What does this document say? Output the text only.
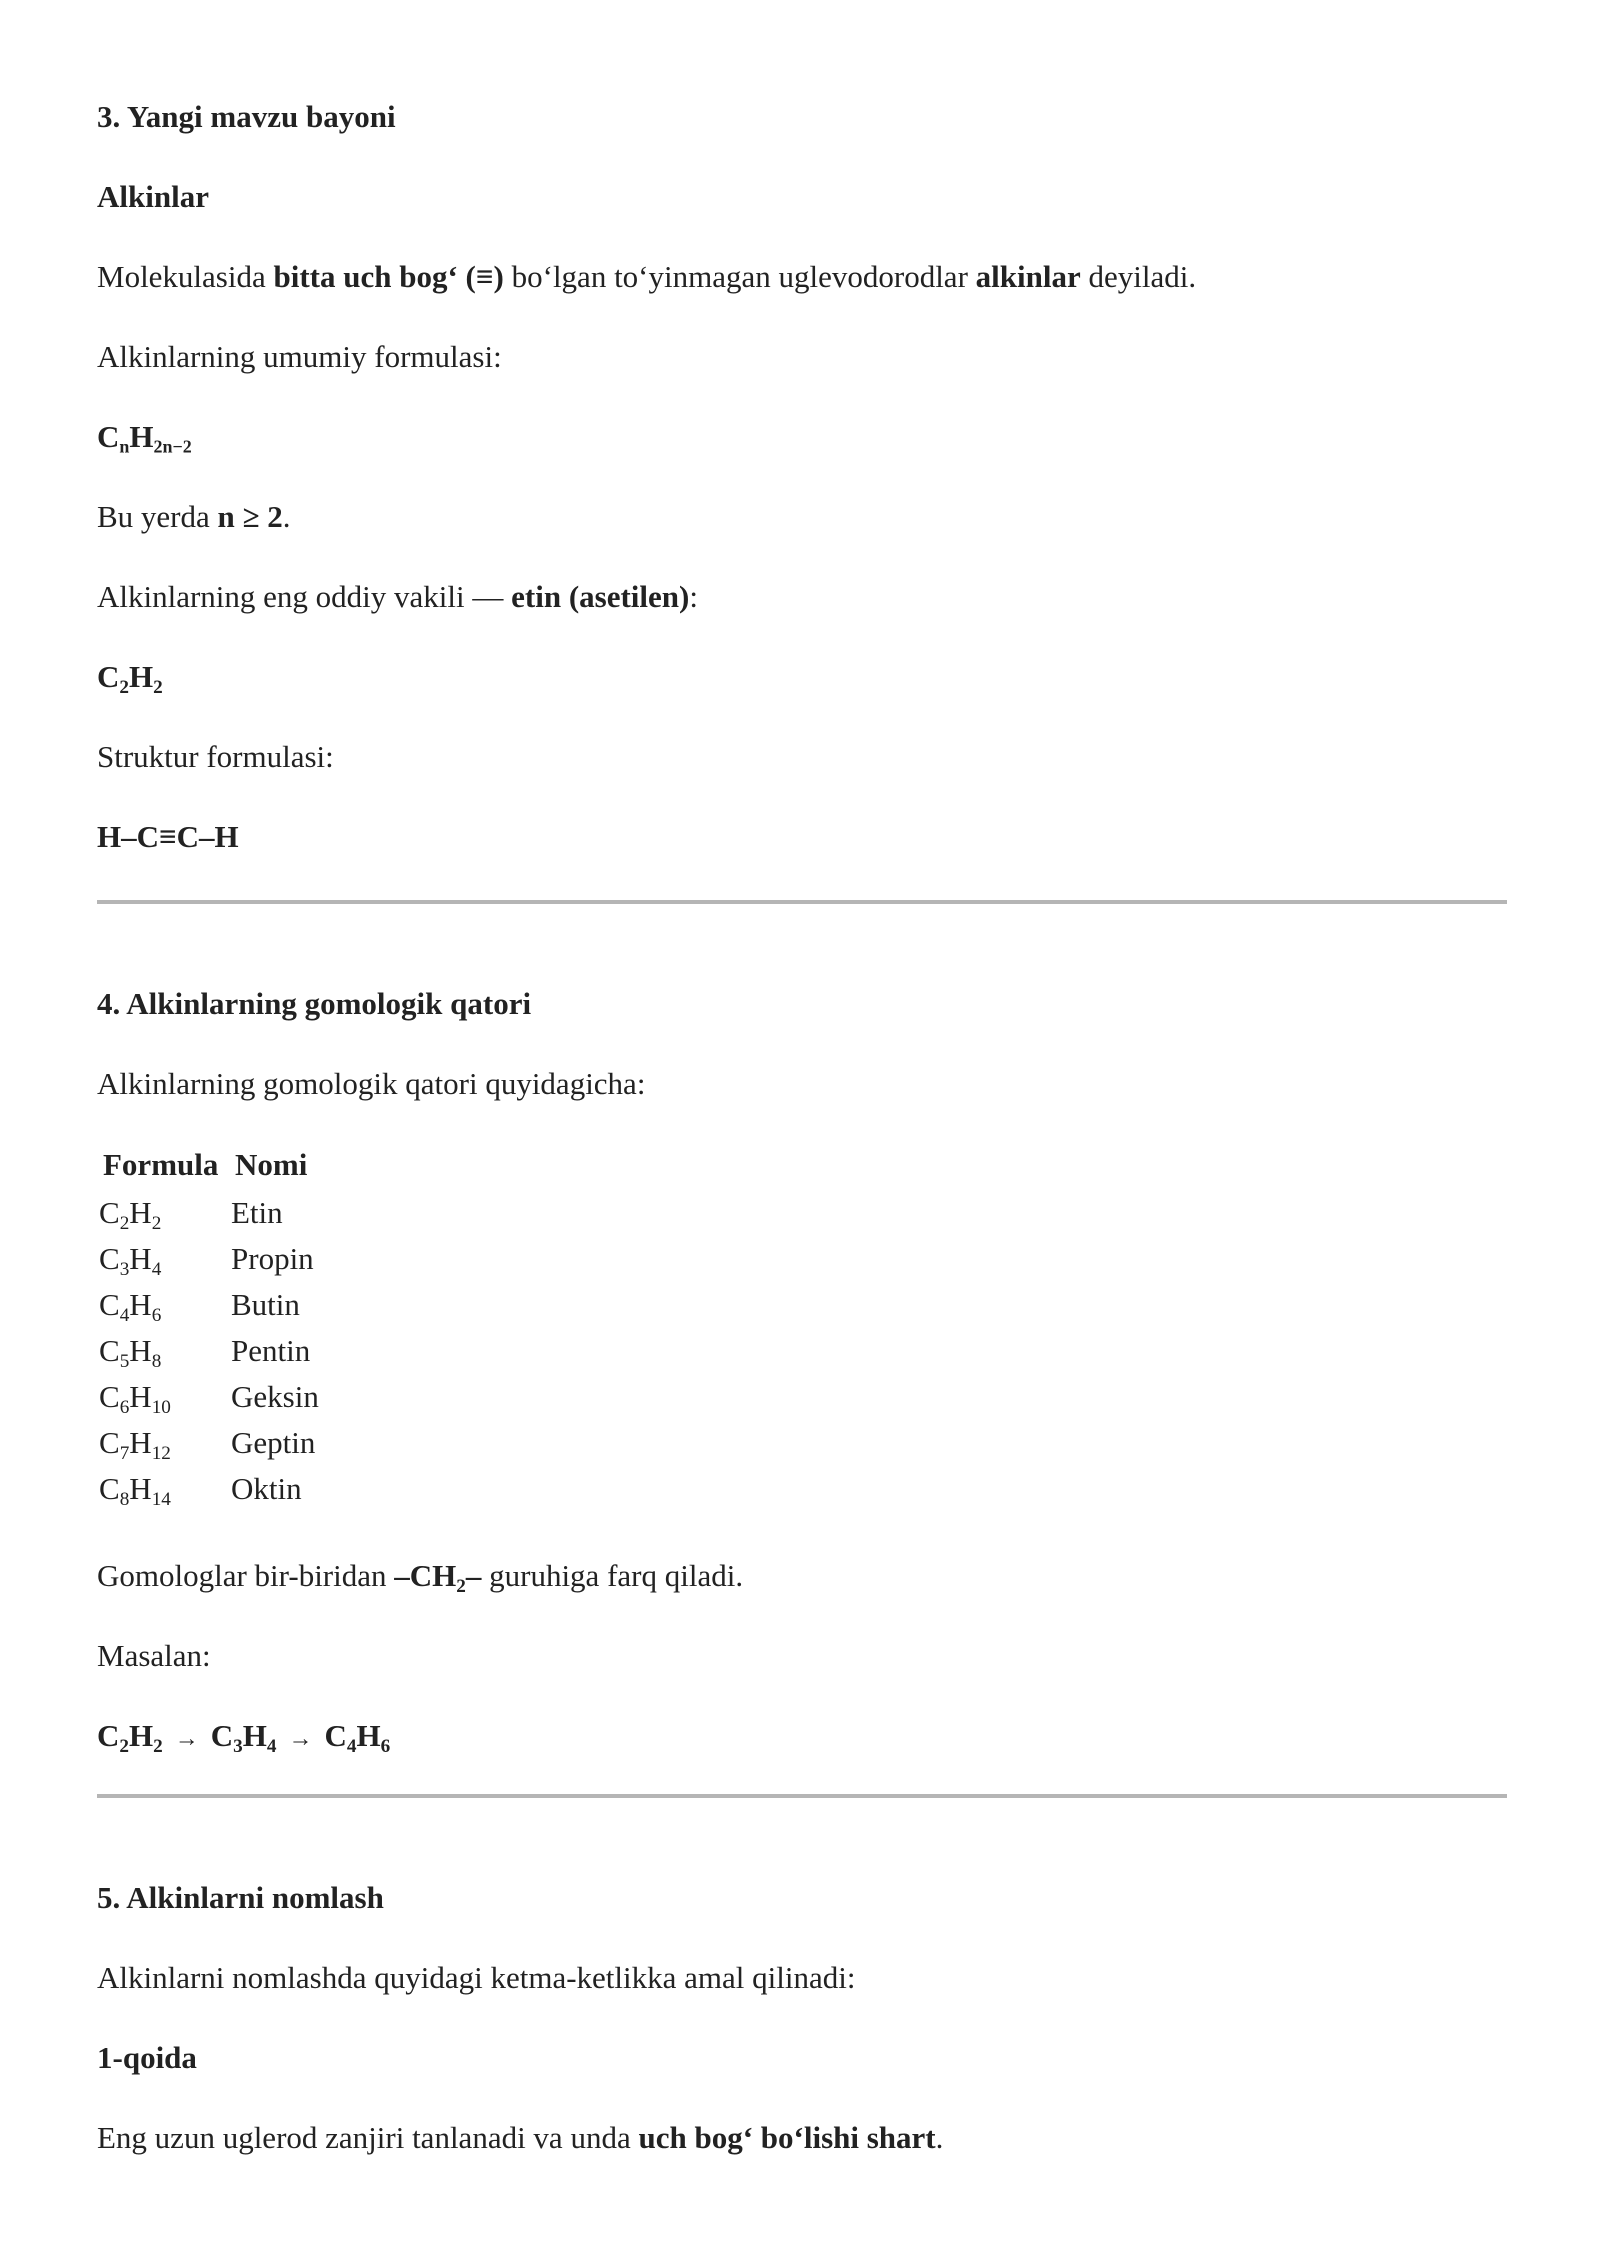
3. Yangi mavzu bayoni

Alkinlar

Molekulasida bitta uch bog‘ (≡) bo‘lgan to‘yinmagan uglevodorodlar alkinlar deyiladi.

Alkinlarning umumiy formulasi:

$C_nH_{2n-2}$

Bu yerda n ≥ 2.

Alkinlarning eng oddiy vakili — etin (asetilen):

$C_2H_2$

Struktur formulasi:

H–C≡C–H

4. Alkinlarning gomologik qatori

Alkinlarning gomologik qatori quyidagicha:

Formula	Nomi
$C_2H_2$	Etin
$C_3H_4$	Propin
$C_4H_6$	Butin
$C_5H_8$	Pentin
$C_6H_{10}$	Geksin
$C_7H_{12}$	Geptin
$C_8H_{14}$	Oktin

Gomologlar bir-biridan $-CH_2-$ guruhiga farq qiladi.

Masalan:

$C_2H_2 \to C_3H_4 \to C_4H_6$

5. Alkinlarni nomlash

Alkinlarni nomlashda quyidagi ketma-ketlikka amal qilinadi:

1-qoida

Eng uzun uglerod zanjiri tanlanadi va unda uch bog‘ bo‘lishi shart.
